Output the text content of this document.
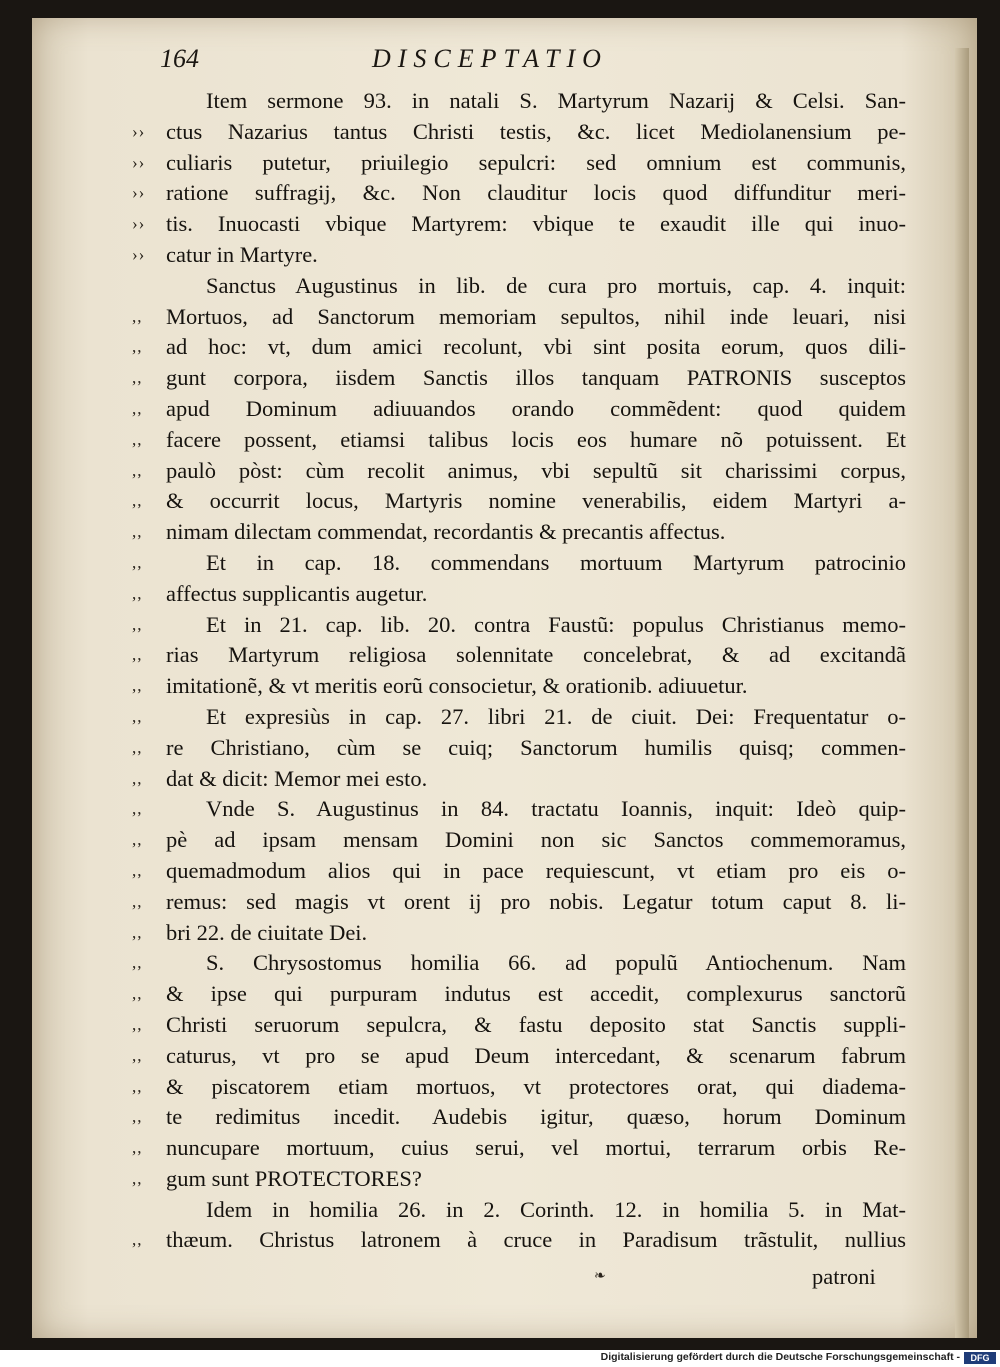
164	DISCEPTATIO
Item sermone 93. in natali S. Martyrum Nazarij & Celsi. San-
›› ctus Nazarius tantus Christi testis, &c. licet Mediolanensium pe-
›› culiaris putetur, priuilegio sepulcri: sed omnium est communis,
›› ratione suffragij, &c. Non clauditur locis quod diffunditur meri-
›› tis. Inuocasti vbique Martyrem: vbique te exaudit ille qui inuo-
›› catur in Martyre.
Sanctus Augustinus in lib. de cura pro mortuis, cap. 4. inquit:
,,	Mortuos, ad Sanctorum memoriam sepultos, nihil inde leuari, nisi
,,	ad hoc: vt, dum amici recolunt, vbi sint posita eorum, quos dili-
,,	gunt corpora, iisdem Sanctis illos tanquam PATRONIS susceptos
,,	apud Dominum adiuuandos orando commẽdent: quod quidem
,,	facere possent, etiamsi talibus locis eos humare nõ potuissent. Et
,,	paulò pòst: cùm recolit animus, vbi sepultũ sit charissimi corpus,
,,	& occurrit locus, Martyris nomine venerabilis, eidem Martyri a-
,,	nimam dilectam commendat, recordantis & precantis affectus.
,,	Et in cap. 18. commendans mortuum Martyrum patrocinio
,,	affectus supplicantis augetur.
,,	Et in 21. cap. lib. 20. contra Faustũ: populus Christianus memo-
,,	rias Martyrum religiosa solennitate concelebrat, & ad excitandã
,,	imitationẽ, & vt meritis eorũ consocietur, & orationib. adiuuetur.
,,	Et expresiùs in cap. 27. libri 21. de ciuit. Dei: Frequentatur o-
,,	re Christiano, cùm se cuiq; Sanctorum humilis quisq; commen-
,,	dat & dicit: Memor mei esto.
,,	Vnde S. Augustinus in 84. tractatu Ioannis, inquit: Ideò quip-
,,	pè ad ipsam mensam Domini non sic Sanctos commemoramus,
,,	quemadmodum alios qui in pace requiescunt, vt etiam pro eis o-
,,	remus: sed magis vt orent ij pro nobis. Legatur totum caput 8. li-
,,	bri 22. de ciuitate Dei.
,,	S. Chrysostomus homilia 66. ad populũ Antiochenum. Nam
,,	& ipse qui purpuram indutus est accedit, complexurus sanctorũ
,,	Christi seruorum sepulcra, & fastu deposito stat Sanctis suppli-
,,	caturus, vt pro se apud Deum intercedant, & scenarum fabrum
,,	& piscatorem etiam mortuos, vt protectores orat, qui diadema-
,,	te redimitus incedit. Audebis igitur, quæso, horum Dominum
,,	nuncupare mortuum, cuius serui, vel mortui, terrarum orbis Re-
,,	gum sunt PROTECTORES?
Idem in homilia 26. in 2. Corinth. 12. in homilia 5. in Mat-
,,	thæum. Christus latronem à cruce in Paradisum trãstulit, nullius
❧	patroni
Digitalisierung gefördert durch die Deutsche Forschungsgemeinschaft -	DFG
